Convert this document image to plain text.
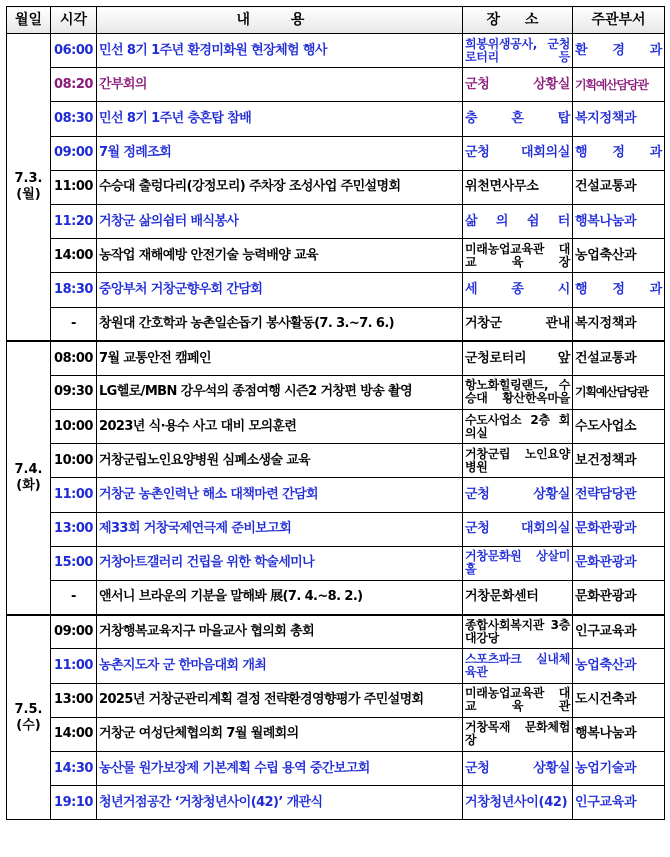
월일	시각	내 용	장 소	주관부서

7.3.
(월)	06:00	민선 8기 1주년 환경미화원 현장체험 행사	희봉위생공사, 군청로터리 등	환 경 과
	08:20	간부회의	군청 상황실	기획예산담당관
	08:30	민선 8기 1주년 충혼탑 참배	충 혼 탑	복지정책과
	09:00	7월 정례조회	군청 대회의실	행 정 과
	11:00	수승대 출렁다리(강정모리) 주차장 조성사업 주민설명회	위천면사무소	건설교통과
	11:20	거창군 삶의쉼터 배식봉사	삶 의 쉼 터	행복나눔과
	14:00	농작업 재해예방 안전기술 능력배양 교육	미래농업교육관 대 교 육 장	농업축산과
	18:30	중앙부처 거창군향우회 간담회	세 종 시	행 정 과
	-	창원대 간호학과 농촌일손돕기 봉사활동(7. 3.~7. 6.)	거창군 관내	복지정책과

7.4.
(화)	08:00	7월 교통안전 캠페인	군청로터리 앞	건설교통과
	09:30	LG헬로/MBN 강우석의 종점여행 시즌2 거창편 방송 촬영	항노화힐링랜드, 수승대 황산한옥마을	기획예산담당관
	10:00	2023년 식·용수 사고 대비 모의훈련	수도사업소 2층 회의실	수도사업소
	10:00	거창군립노인요양병원 심폐소생술 교육	거창군립 노인요양병원	보건정책과
	11:00	거창군 농촌인력난 해소 대책마련 간담회	군청 상황실	전략담당관
	13:00	제33회 거창국제연극제 준비보고회	군청 대회의실	문화관광과
	15:00	거창아트갤러리 건립을 위한 학술세미나	거창문화원 상살미홀	문화관광과
	-	앤서니 브라운의 기분을 말해봐 展(7. 4.~8. 2.)	거창문화센터	문화관광과

7.5.
(수)	09:00	거창행복교육지구 마을교사 협의회 총회	종합사회복지관 3층 대강당	인구교육과
	11:00	농촌지도자 군 한마음대회 개최	스포츠파크 실내체육관	농업축산과
	13:00	2025년 거창군관리계획 결정 전략환경영향평가 주민설명회	미래농업교육관 대 교 육 관	도시건축과
	14:00	거창군 여성단체협의회 7월 월례회의	거창목재 문화체험장	행복나눔과
	14:30	농산물 원가보장제 기본계획 수립 용역 중간보고회	군청 상황실	농업기술과
	19:10	청년거점공간 ‘거창청년사이(42)’ 개관식	거창청년사이(42)	인구교육과
